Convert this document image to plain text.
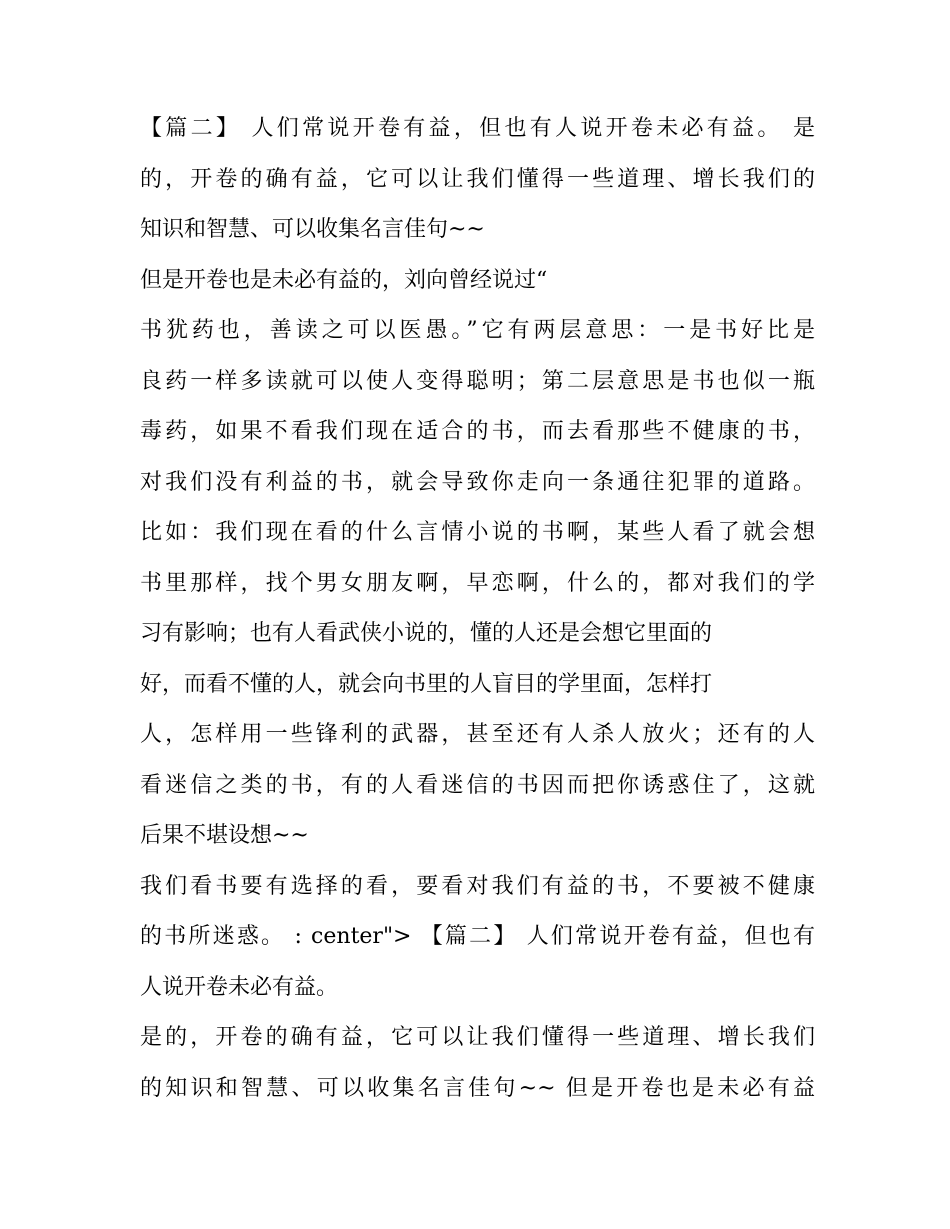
【篇二】 人们常说开卷有益，但也有人说开卷未必有益。 是
的，开卷的确有益，它可以让我们懂得一些道理、增长我们的
知识和智慧、可以收集名言佳句~~
但是开卷也是未必有益的，刘向曾经说过“
书犹药也，善读之可以医愚。”它有两层意思：一是书好比是
良药一样多读就可以使人变得聪明；第二层意思是书也似一瓶
毒药，如果不看我们现在适合的书，而去看那些不健康的书，
对我们没有利益的书，就会导致你走向一条通往犯罪的道路。
比如：我们现在看的什么言情小说的书啊，某些人看了就会想
书里那样，找个男女朋友啊，早恋啊，什么的，都对我们的学
习有影响；也有人看武侠小说的，懂的人还是会想它里面的
好，而看不懂的人，就会向书里的人盲目的学里面，怎样打
人，怎样用一些锋利的武器，甚至还有人杀人放火；还有的人
看迷信之类的书，有的人看迷信的书因而把你诱惑住了，这就
后果不堪设想~~
我们看书要有选择的看，要看对我们有益的书，不要被不健康
的书所迷惑。 : center"> 【篇二】 人们常说开卷有益，但也有
人说开卷未必有益。
是的，开卷的确有益，它可以让我们懂得一些道理、增长我们
的知识和智慧、可以收集名言佳句~~ 但是开卷也是未必有益
